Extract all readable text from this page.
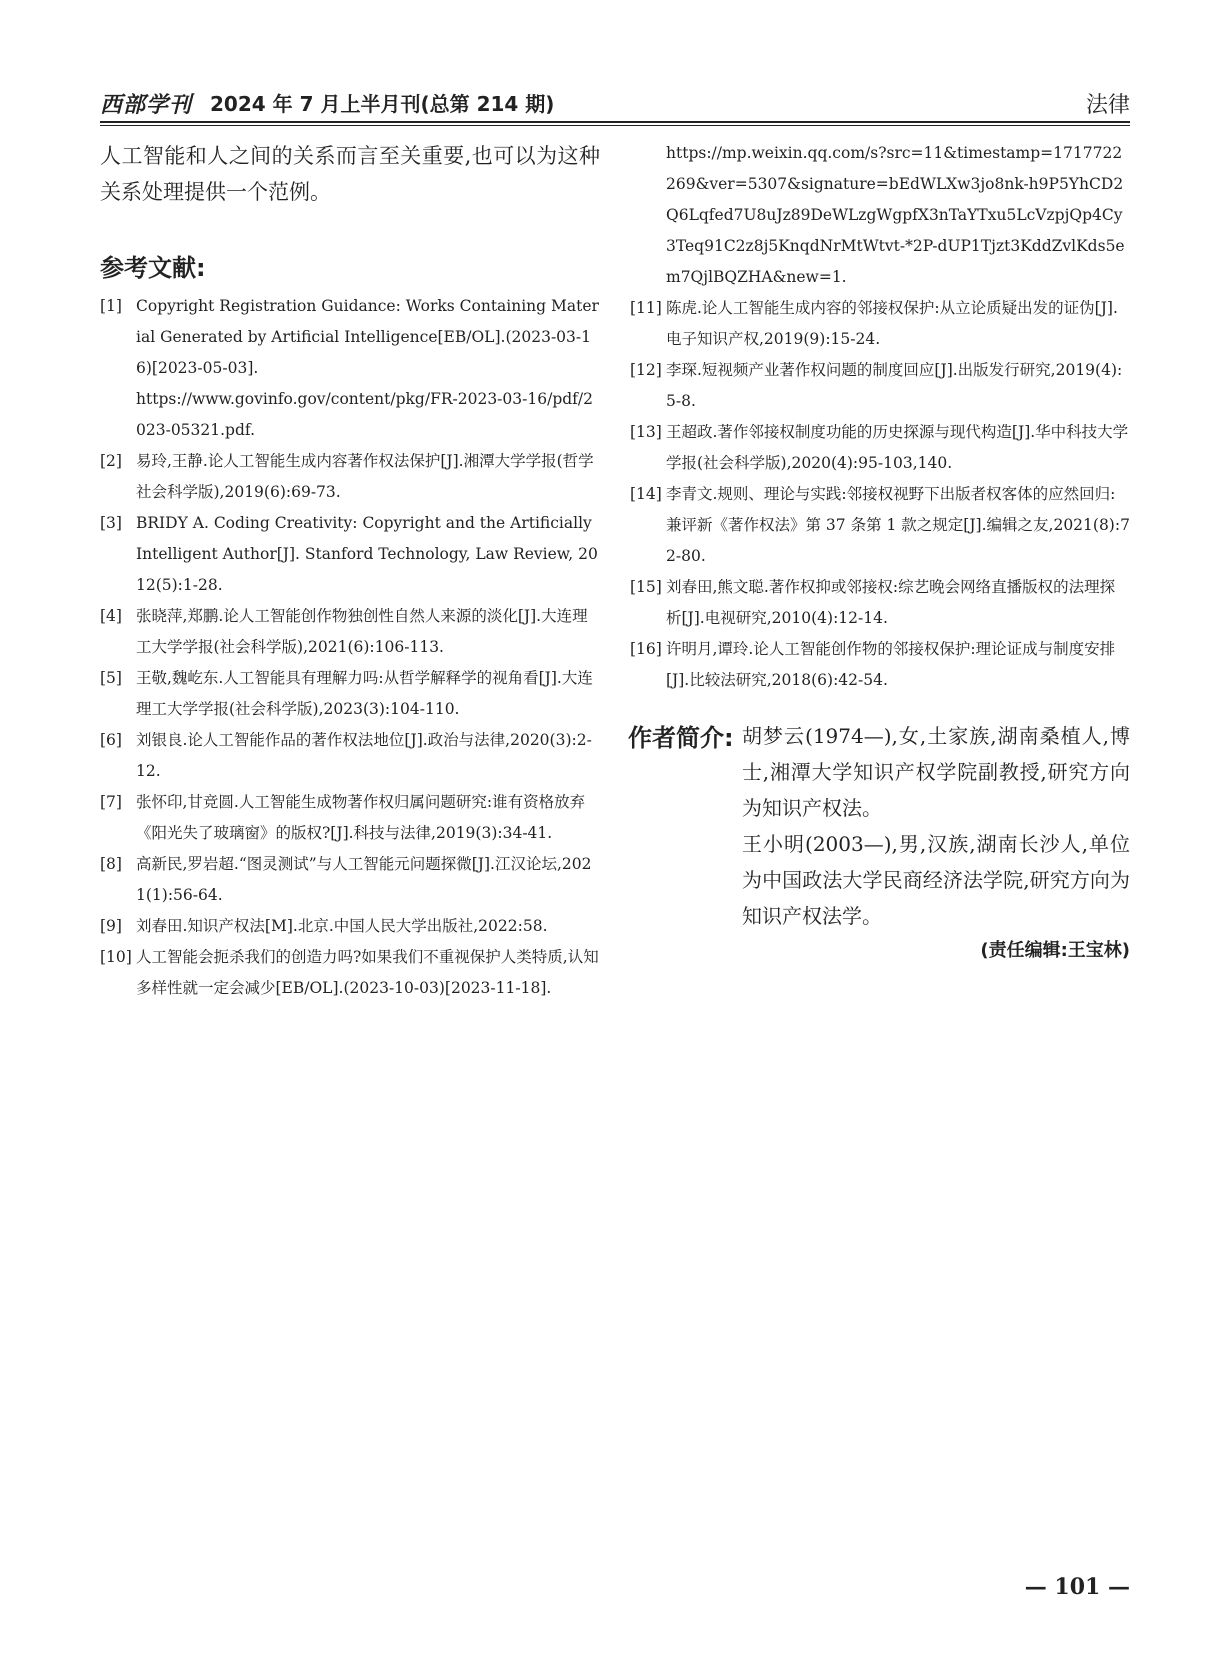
西部学刊 2024 年 7 月上半月刊(总第 214 期)	法律

人工智能和人之间的关系而言至关重要,也可以为这种关系处理提供一个范例。

参考文献:

[1] Copyright Registration Guidance: Works Containing Material Generated by Artificial Intelligence[EB/OL].(2023-03-16)[2023-05-03].
https://www.govinfo.gov/content/pkg/FR-2023-03-16/pdf/2023-05321.pdf.

[2] 易玲,王静.论人工智能生成内容著作权法保护[J].湘潭大学学报(哲学社会科学版),2019(6):69-73.

[3] BRIDY A. Coding Creativity: Copyright and the Artificially Intelligent Author[J]. Stanford Technology, Law Review, 2012(5):1-28.

[4] 张晓萍,郑鹏.论人工智能创作物独创性自然人来源的淡化[J].大连理工大学学报(社会科学版),2021(6):106-113.

[5] 王敬,魏屹东.人工智能具有理解力吗:从哲学解释学的视角看[J].大连理工大学学报(社会科学版),2023(3):104-110.

[6] 刘银良.论人工智能作品的著作权法地位[J].政治与法律,2020(3):2-12.

[7] 张怀印,甘竞圆.人工智能生成物著作权归属问题研究:谁有资格放弃《阳光失了玻璃窗》的版权?[J].科技与法律,2019(3):34-41.

[8] 高新民,罗岩超.“图灵测试”与人工智能元问题探微[J].江汉论坛,2021(1):56-64.

[9] 刘春田.知识产权法[M].北京.中国人民大学出版社,2022:58.

[10] 人工智能会扼杀我们的创造力吗?如果我们不重视保护人类特质,认知多样性就一定会减少[EB/OL].(2023-10-03)[2023-11-18].

https://mp.weixin.qq.com/s?src=11&timestamp=1717722269&ver=5307&signature=bEdWLXw3jo8nk-h9P5YhCD2Q6Lqfed7U8uJz89DeWLzgWgpfX3nTaYTxu5LcVzpjQp4Cy3Teq91C2z8j5KnqdNrMtWtvt-*2P-dUP1Tjzt3KddZvlKds5em7QjlBQZHA&new=1.

[11] 陈虎.论人工智能生成内容的邻接权保护:从立论质疑出发的证伪[J].电子知识产权,2019(9):15-24.

[12] 李琛.短视频产业著作权问题的制度回应[J].出版发行研究,2019(4):5-8.

[13] 王超政.著作邻接权制度功能的历史探源与现代构造[J].华中科技大学学报(社会科学版),2020(4):95-103,140.

[14] 李青文.规则、理论与实践:邻接权视野下出版者权客体的应然回归:兼评新《著作权法》第 37 条第 1 款之规定[J].编辑之友,2021(8):72-80.

[15] 刘春田,熊文聪.著作权抑或邻接权:综艺晚会网络直播版权的法理探析[J].电视研究,2010(4):12-14.

[16] 许明月,谭玲.论人工智能创作物的邻接权保护:理论证成与制度安排[J].比较法研究,2018(6):42-54.

作者简介: 胡梦云(1974—),女,土家族,湖南桑植人,博士,湘潭大学知识产权学院副教授,研究方向为知识产权法。

王小明(2003—),男,汉族,湖南长沙人,单位为中国政法大学民商经济法学院,研究方向为知识产权法学。

(责任编辑:王宝林)
— 101 —
